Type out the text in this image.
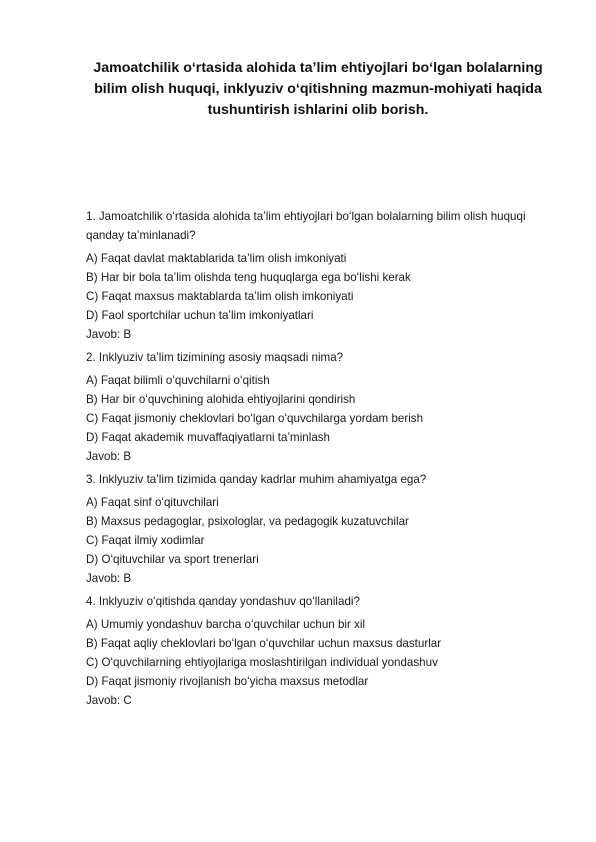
Jamoatchilik oʻrtasida alohida taʼlim ehtiyojlari boʻlgan bolalarning bilim olish huquqi, inklyuziv oʻqitishning mazmun-mohiyati haqida tushuntirish ishlarini olib borish.

1. Jamoatchilik oʻrtasida alohida taʼlim ehtiyojlari boʻlgan bolalarning bilim olish huquqi qanday taʼminlanadi?

A) Faqat davlat maktablarida taʼlim olish imkoniyati

B) Har bir bola taʼlim olishda teng huquqlarga ega boʻlishi kerak

C) Faqat maxsus maktablarda taʼlim olish imkoniyati

D) Faol sportchilar uchun taʼlim imkoniyatlari

Javob: B

2. Inklyuziv taʼlim tizimining asosiy maqsadi nima?

A) Faqat bilimli oʻquvchilarni oʻqitish

B) Har bir oʻquvchining alohida ehtiyojlarini qondirish

C) Faqat jismoniy cheklovlari boʻlgan oʻquvchilarga yordam berish

D) Faqat akademik muvaffaqiyatlarni taʼminlash

Javob: B

3. Inklyuziv taʼlim tizimida qanday kadrlar muhim ahamiyatga ega?

A) Faqat sinf oʻqituvchilari

B) Maxsus pedagoglar, psixologlar, va pedagogik kuzatuvchilar

C) Faqat ilmiy xodimlar

D) Oʻqituvchilar va sport trenerlari

Javob: B

4. Inklyuziv oʻqitishda qanday yondashuv qoʻllaniladi?

A) Umumiy yondashuv barcha oʻquvchilar uchun bir xil

B) Faqat aqliy cheklovlari boʻlgan oʻquvchilar uchun maxsus dasturlar

C) Oʻquvchilarning ehtiyojlariga moslashtirilgan individual yondashuv

D) Faqat jismoniy rivojlanish boʻyicha maxsus metodlar

Javob: C
